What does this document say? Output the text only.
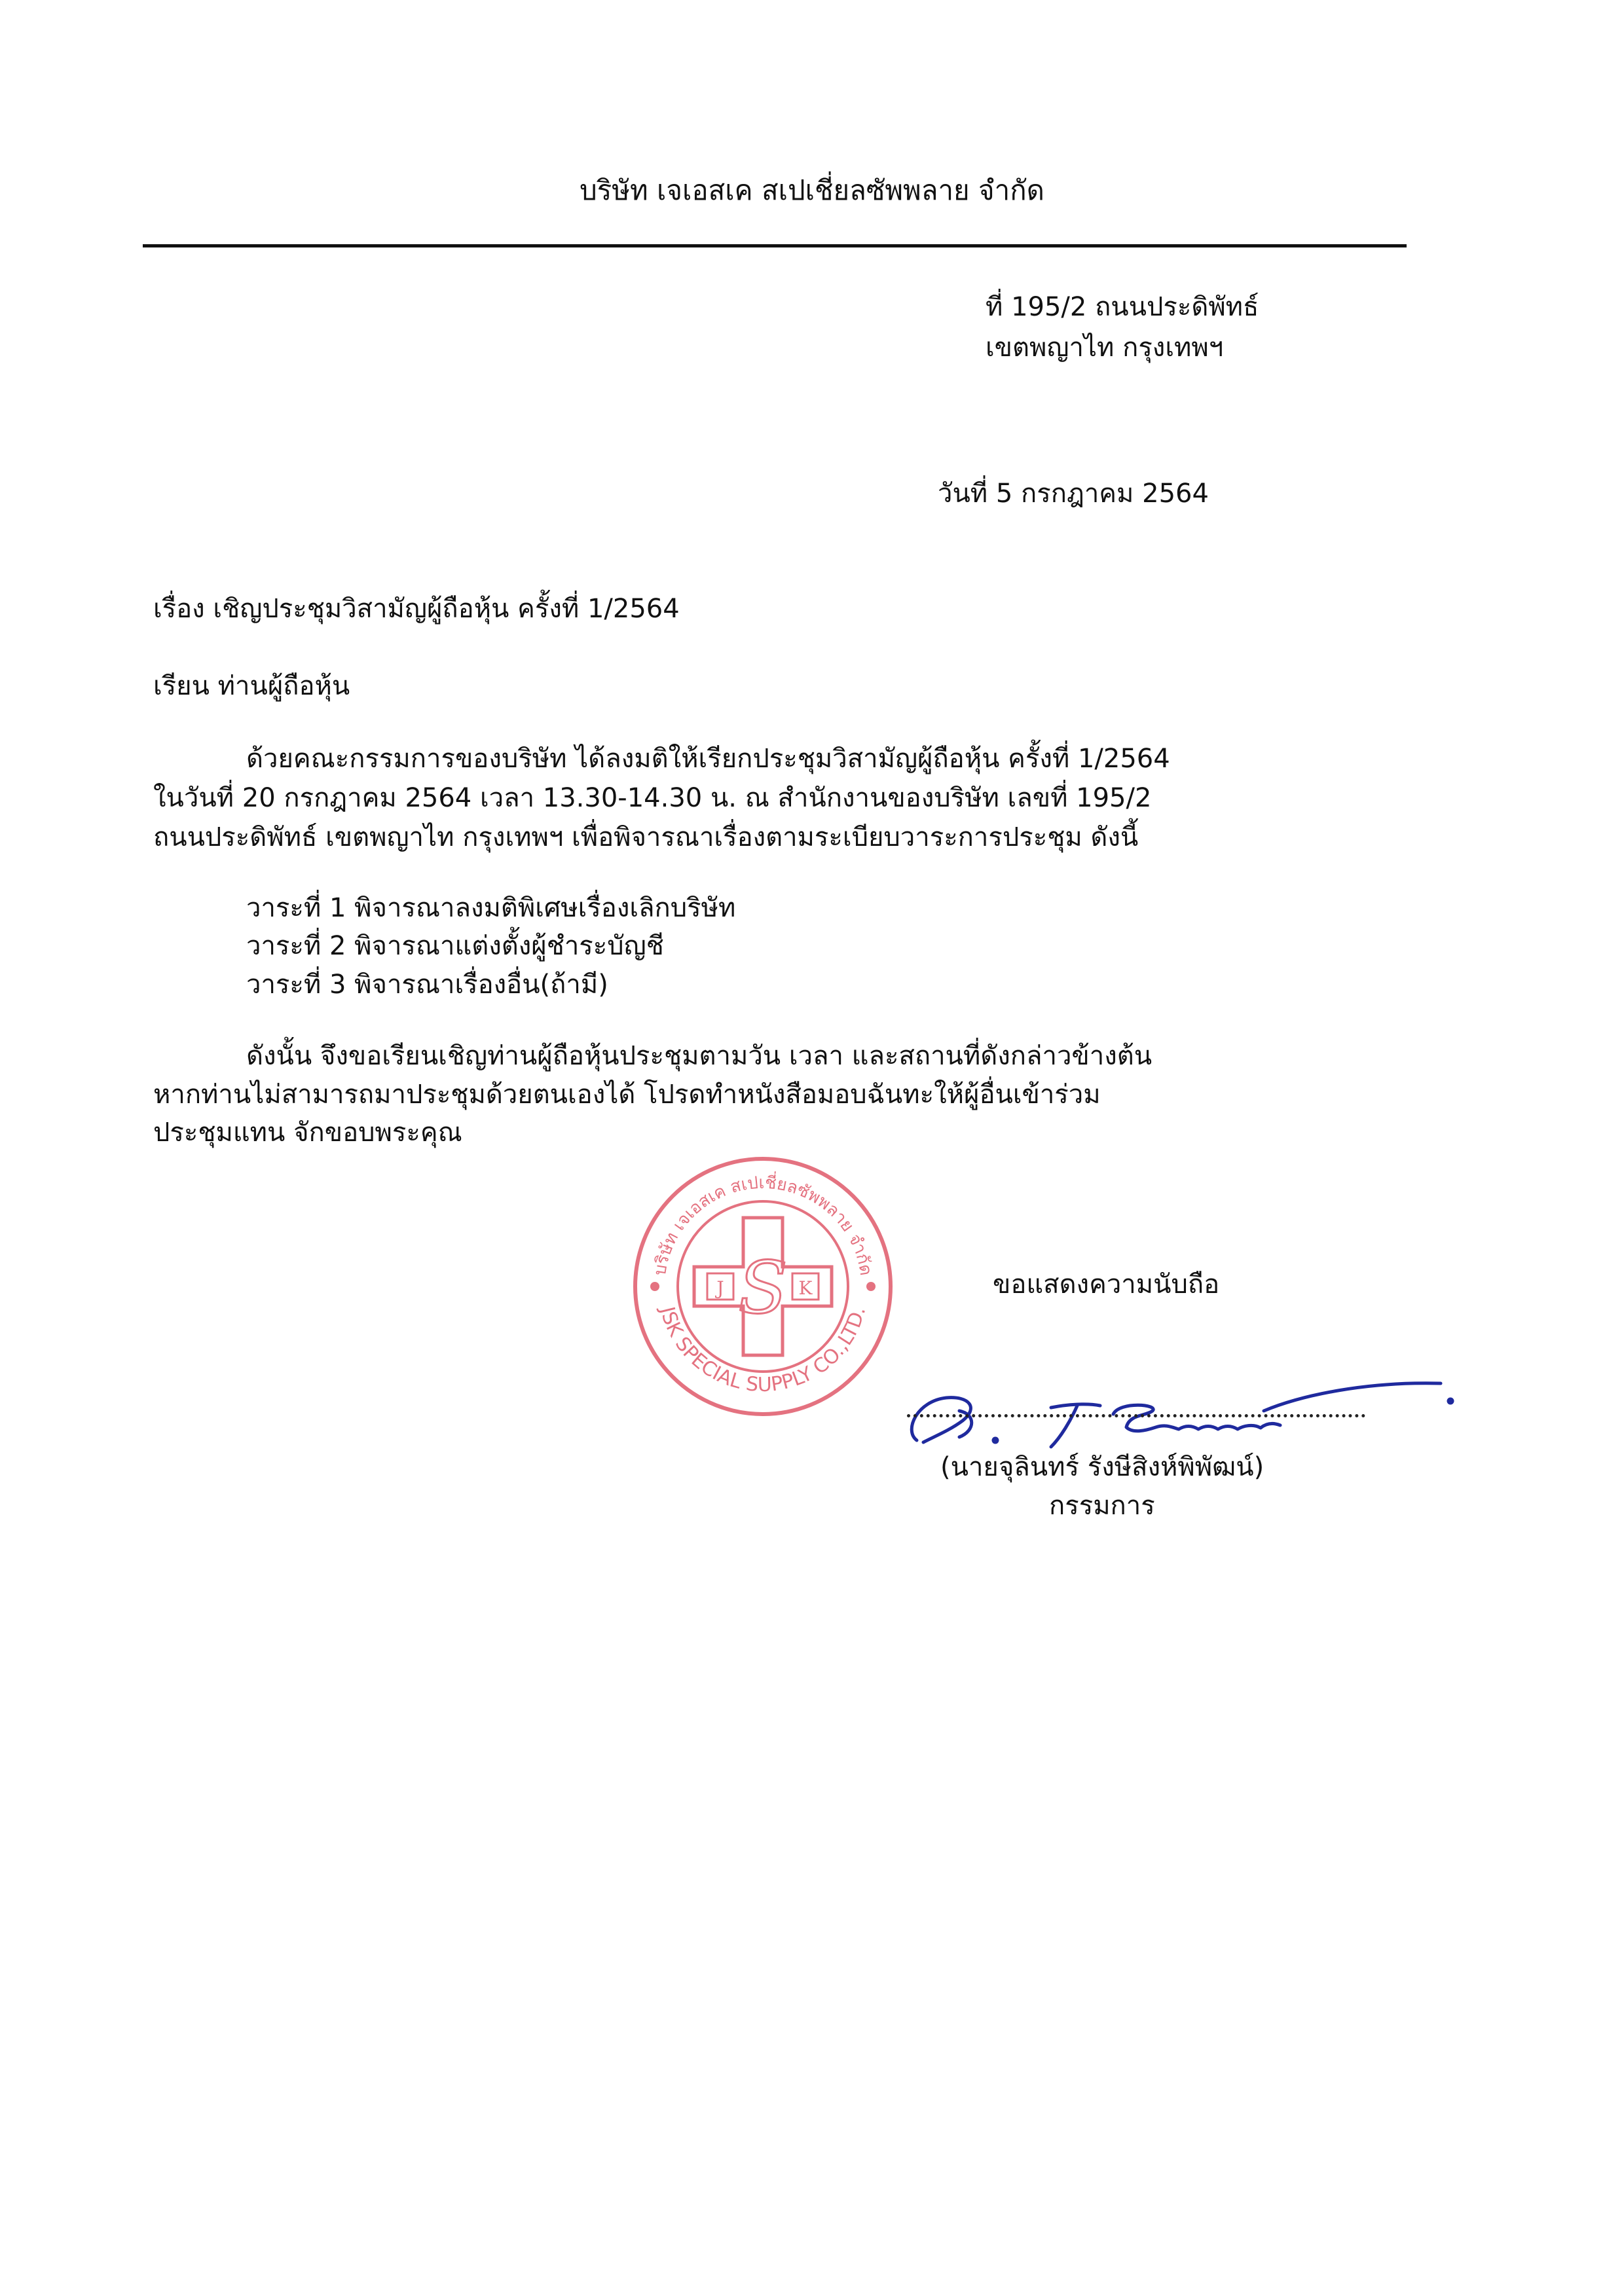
บริษัท เจเอสเค สเปเชี่ยลซัพพลาย จำกัด
ที่ 195/2 ถนนประดิพัทธ์
เขตพญาไท กรุงเทพฯ
วันที่ 5 กรกฎาคม 2564
เรื่อง เชิญประชุมวิสามัญผู้ถือหุ้น ครั้งที่ 1/2564
เรียน ท่านผู้ถือหุ้น
ด้วยคณะกรรมการของบริษัท ได้ลงมติให้เรียกประชุมวิสามัญผู้ถือหุ้น ครั้งที่ 1/2564
ในวันที่ 20 กรกฎาคม 2564 เวลา 13.30-14.30 น. ณ สำนักงานของบริษัท เลขที่ 195/2
ถนนประดิพัทธ์ เขตพญาไท กรุงเทพฯ เพื่อพิจารณาเรื่องตามระเบียบวาระการประชุม ดังนี้
วาระที่ 1 พิจารณาลงมติพิเศษเรื่องเลิกบริษัท
วาระที่ 2 พิจารณาแต่งตั้งผู้ชำระบัญชี
วาระที่ 3 พิจารณาเรื่องอื่น(ถ้ามี)
ดังนั้น จึงขอเรียนเชิญท่านผู้ถือหุ้นประชุมตามวัน เวลา และสถานที่ดังกล่าวข้างต้น
หากท่านไม่สามารถมาประชุมด้วยตนเองได้ โปรดทำหนังสือมอบฉันทะให้ผู้อื่นเข้าร่วม
ประชุมแทน จักขอบพระคุณ
บริษัท เจเอสเค สเปเชี่ยลซัพพลาย จำกัด
JSK SPECIAL SUPPLY CO.,LTD.
J	K
S	ขอแสดงความนับถือ
(นายจุลินทร์ รังษีสิงห์พิพัฒน์)
กรรมการ
